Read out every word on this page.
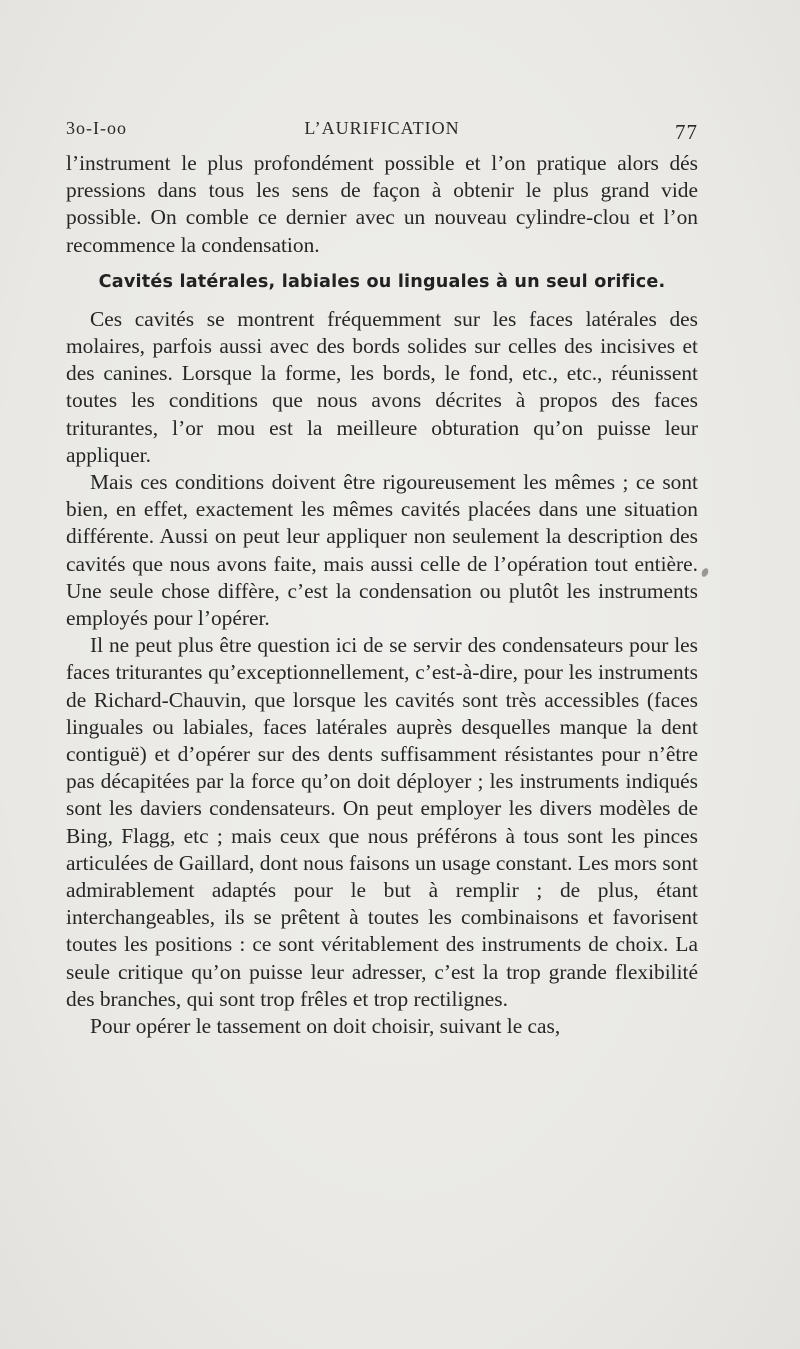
3o-I-oo	L’AURIFICATION	77

l’instrument le plus profondément possible et l’on pratique alors dés pressions dans tous les sens de façon à obtenir le plus grand vide possible. On comble ce dernier avec un nouveau cylindre-clou et l’on recommence la condensation.

Cavités latérales, labiales ou linguales à un seul orifice.

Ces cavités se montrent fréquemment sur les faces latérales des molaires, parfois aussi avec des bords solides sur celles des incisives et des canines. Lorsque la forme, les bords, le fond, etc., etc., réunissent toutes les conditions que nous avons décrites à propos des faces triturantes, l’or mou est la meilleure obturation qu’on puisse leur appliquer.

Mais ces conditions doivent être rigoureusement les mêmes ; ce sont bien, en effet, exactement les mêmes cavités placées dans une situation différente. Aussi on peut leur appliquer non seulement la description des cavités que nous avons faite, mais aussi celle de l’opération tout entière. Une seule chose diffère, c’est la condensation ou plutôt les instruments employés pour l’opérer.

Il ne peut plus être question ici de se servir des condensateurs pour les faces triturantes qu’exceptionnellement, c’est-à-dire, pour les instruments de Richard-Chauvin, que lorsque les cavités sont très accessibles (faces linguales ou labiales, faces latérales auprès desquelles manque la dent contiguë) et d’opérer sur des dents suffisamment résistantes pour n’être pas décapitées par la force qu’on doit déployer ; les instruments indiqués sont les daviers condensateurs. On peut employer les divers modèles de Bing, Flagg, etc ; mais ceux que nous préférons à tous sont les pinces articulées de Gaillard, dont nous faisons un usage constant. Les mors sont admirablement adaptés pour le but à remplir ; de plus, étant interchangeables, ils se prêtent à toutes les combinaisons et favorisent toutes les positions : ce sont véritablement des instruments de choix. La seule critique qu’on puisse leur adresser, c’est la trop grande flexibilité des branches, qui sont trop frêles et trop rectilignes.

Pour opérer le tassement on doit choisir, suivant le cas,
